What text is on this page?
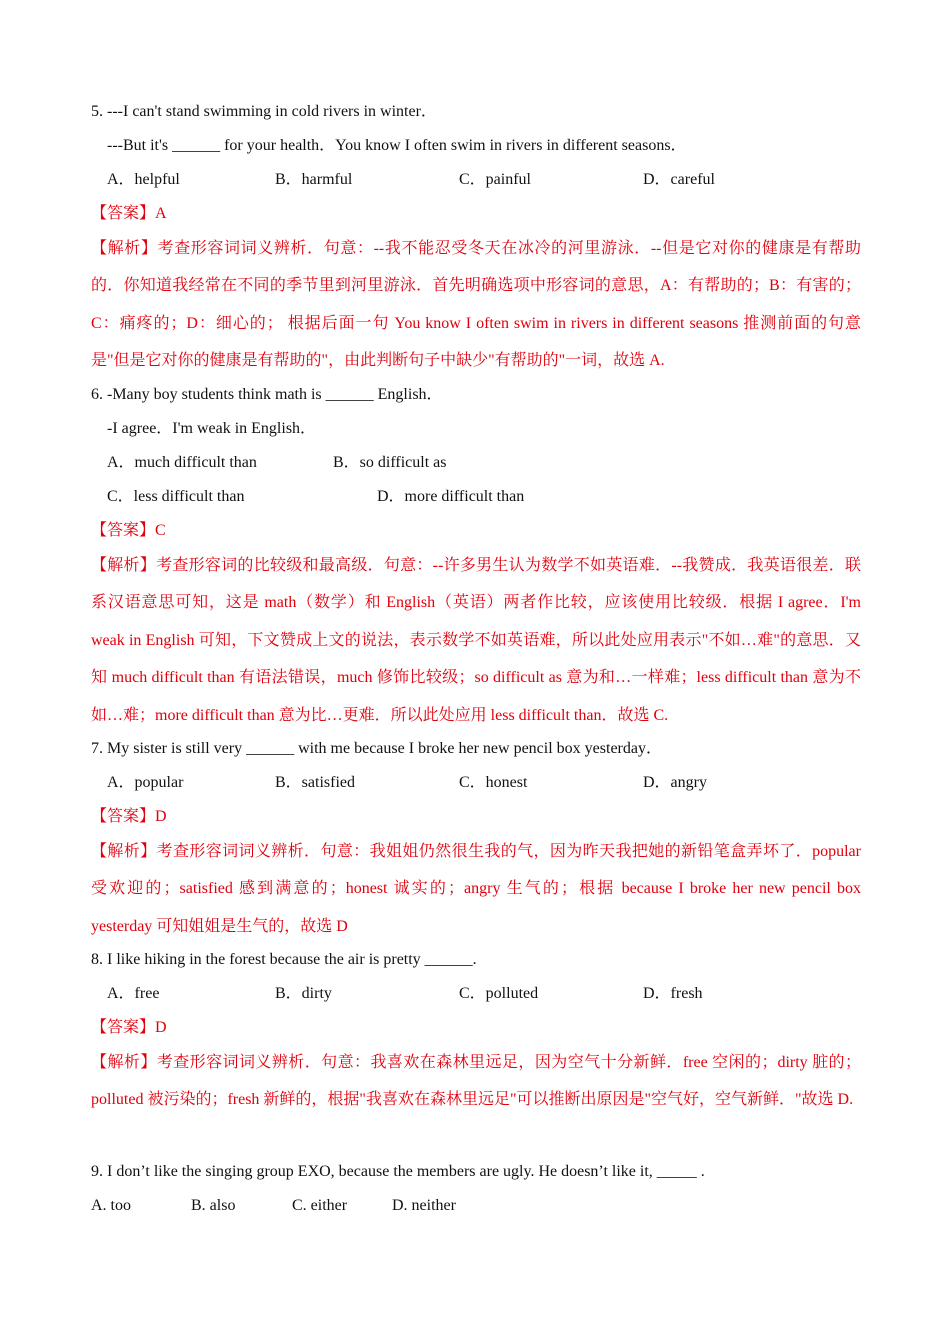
5. ---I can't stand swimming in cold rivers in winter．
---But it's ______ for your health．You know I often swim in rivers in different seasons．
A．helpful	B．harmful	C．painful	D．careful
【答案】A
【解析】考查形容词词义辨析．句意：--我不能忍受冬天在冰冷的河里游泳．--但是它对你的健康是有帮助的．你知道我经常在不同的季节里到河里游泳．首先明确选项中形容词的意思，A：有帮助的；B：有害的；C：痛疼的；D：细心的； 根据后面一句 You know I often swim in rivers in different seasons 推测前面的句意是"但是它对你的健康是有帮助的"，由此判断句子中缺少"有帮助的"一词，故选 A.
6. -Many boy students think math is ______ English．
-I agree．I'm weak in English．
A．much difficult than	B．so difficult as
C．less difficult than	D．more difficult than
【答案】C
【解析】考查形容词的比较级和最高级．句意：--许多男生认为数学不如英语难．--我赞成．我英语很差．联系汉语意思可知，这是 math（数学）和 English（英语）两者作比较，应该使用比较级．根据 I agree．I'm weak in English 可知，下文赞成上文的说法，表示数学不如英语难，所以此处应用表示"不如…难"的意思．又知 much difficult than 有语法错误，much 修饰比较级；so difficult as 意为和…一样难；less difficult than 意为不如…难；more difficult than 意为比…更难．所以此处应用 less difficult than．故选 C.
7. My sister is still very ______ with me because I broke her new pencil box yesterday．
A．popular	B．satisfied	C．honest	D．angry
【答案】D
【解析】考查形容词词义辨析．句意：我姐姐仍然很生我的气，因为昨天我把她的新铅笔盒弄坏了．popular 受欢迎的；satisfied 感到满意的；honest 诚实的；angry 生气的；根据 because I broke her new pencil box yesterday 可知姐姐是生气的，故选 D
8. I like hiking in the forest because the air is pretty ______.
A．free	B．dirty	C．polluted	D．fresh
【答案】D
【解析】考查形容词词义辨析．句意：我喜欢在森林里远足，因为空气十分新鲜．free 空闲的；dirty 脏的；polluted 被污染的；fresh 新鲜的，根据"我喜欢在森林里远足"可以推断出原因是"空气好，空气新鲜．"故选 D.
9. I don’t like the singing group EXO, because the members are ugly. He doesn’t like it, _____ .
A. too	B. also	C. either	D. neither
